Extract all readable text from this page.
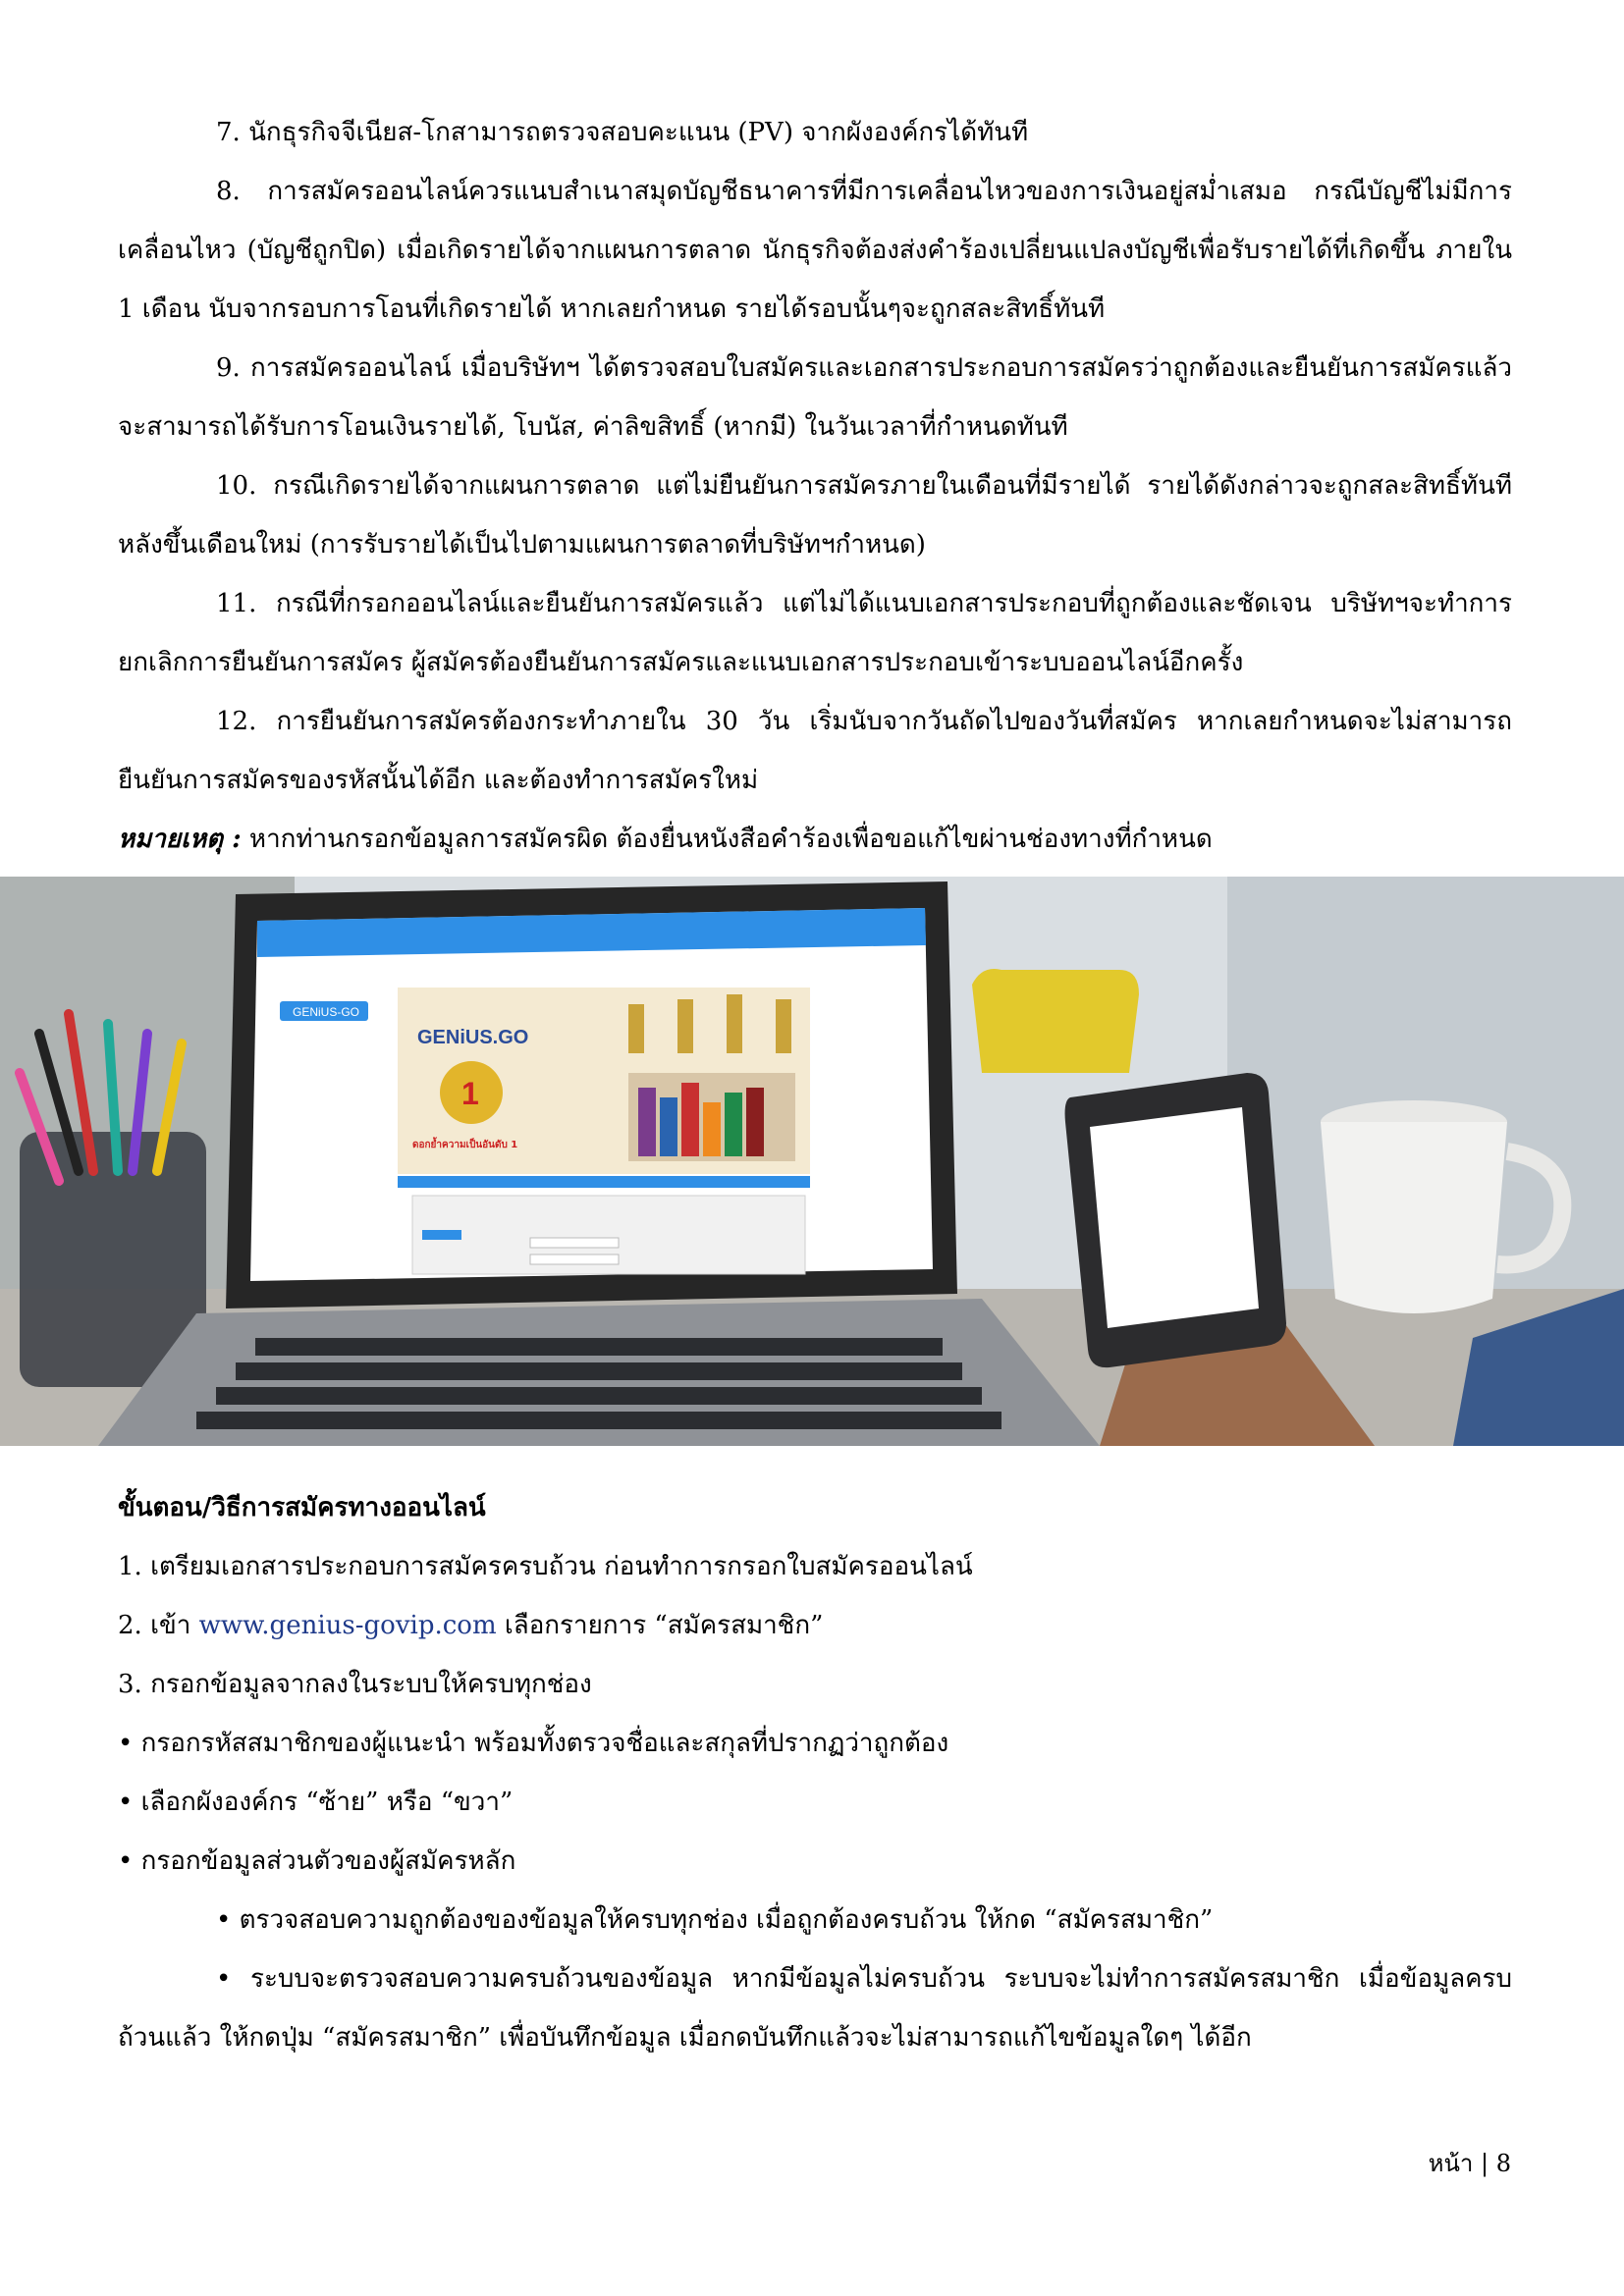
7. นักธุรกิจจีเนียส-โกสามารถตรวจสอบคะแนน (PV) จากผังองค์กรได้ทันที

8. การสมัครออนไลน์ควรแนบสำเนาสมุดบัญชีธนาคารที่มีการเคลื่อนไหวของการเงินอยู่สม่ำเสมอ กรณีบัญชีไม่มีการเคลื่อนไหว (บัญชีถูกปิด) เมื่อเกิดรายได้จากแผนการตลาด นักธุรกิจต้องส่งคำร้องเปลี่ยนแปลงบัญชีเพื่อรับรายได้ที่เกิดขึ้น ภายใน 1 เดือน นับจากรอบการโอนที่เกิดรายได้ หากเลยกำหนด รายได้รอบนั้นๆจะถูกสละสิทธิ์ทันที

9. การสมัครออนไลน์ เมื่อบริษัทฯ ได้ตรวจสอบใบสมัครและเอกสารประกอบการสมัครว่าถูกต้องและยืนยันการสมัครแล้ว จะสามารถได้รับการโอนเงินรายได้, โบนัส, ค่าลิขสิทธิ์ (หากมี) ในวันเวลาที่กำหนดทันที

10. กรณีเกิดรายได้จากแผนการตลาด แต่ไม่ยืนยันการสมัครภายในเดือนที่มีรายได้ รายได้ดังกล่าวจะถูกสละสิทธิ์ทันทีหลังขึ้นเดือนใหม่ (การรับรายได้เป็นไปตามแผนการตลาดที่บริษัทฯกำหนด)

11. กรณีที่กรอกออนไลน์และยืนยันการสมัครแล้ว แต่ไม่ได้แนบเอกสารประกอบที่ถูกต้องและชัดเจน บริษัทฯจะทำการยกเลิกการยืนยันการสมัคร ผู้สมัครต้องยืนยันการสมัครและแนบเอกสารประกอบเข้าระบบออนไลน์อีกครั้ง

12. การยืนยันการสมัครต้องกระทำภายใน 30 วัน เริ่มนับจากวันถัดไปของวันที่สมัคร หากเลยกำหนดจะไม่สามารถยืนยันการสมัครของรหัสนั้นได้อีก และต้องทำการสมัครใหม่

หมายเหตุ : หากท่านกรอกข้อมูลการสมัครผิด ต้องยื่นหนังสือคำร้องเพื่อขอแก้ไขผ่านช่องทางที่กำหนด

GENiUS-GO
GENiUS.GO
1
ดอกย้ำความเป็นอันดับ 1

ขั้นตอน/วิธีการสมัครทางออนไลน์

1. เตรียมเอกสารประกอบการสมัครครบถ้วน ก่อนทำการกรอกใบสมัครออนไลน์

2. เข้า www.genius-govip.com เลือกรายการ “สมัครสมาชิก”

3. กรอกข้อมูลจากลงในระบบให้ครบทุกช่อง

• กรอกรหัสสมาชิกของผู้แนะนำ พร้อมทั้งตรวจชื่อและสกุลที่ปรากฏว่าถูกต้อง

• เลือกผังองค์กร “ซ้าย” หรือ “ขวา”

• กรอกข้อมูลส่วนตัวของผู้สมัครหลัก

• ตรวจสอบความถูกต้องของข้อมูลให้ครบทุกช่อง เมื่อถูกต้องครบถ้วน ให้กด “สมัครสมาชิก”

• ระบบจะตรวจสอบความครบถ้วนของข้อมูล หากมีข้อมูลไม่ครบถ้วน ระบบจะไม่ทำการสมัครสมาชิก เมื่อข้อมูลครบถ้วนแล้ว ให้กดปุ่ม “สมัครสมาชิก” เพื่อบันทึกข้อมูล เมื่อกดบันทึกแล้วจะไม่สามารถแก้ไขข้อมูลใดๆ ได้อีก

หน้า | 8
